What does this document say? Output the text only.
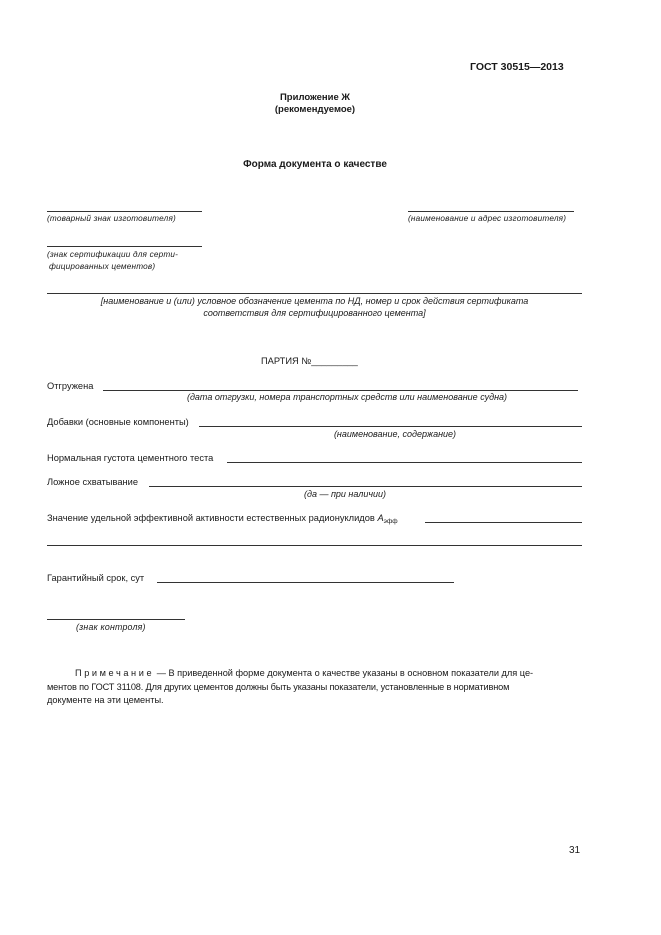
ГОСТ 30515—2013
Приложение Ж
(рекомендуемое)
Форма документа о качестве
(товарный знак изготовителя)	(наименование и адрес изготовителя)
(знак сертификации для серти-
фицированных цементов)
[наименование и (или) условное обозначение цемента по НД, номер и срок действия сертификата
соответствия для сертифицированного цемента]
ПАРТИЯ №_________
Отгружена
(дата отгрузки, номера транспортных средств или наименование судна)
Добавки (основные компоненты)
(наименование, содержание)
Нормальная густота цементного теста
Ложное схватывание
(да — при наличии)
Значение удельной эффективной активности естественных радионуклидов $A_{эфф}$
Гарантийный срок, сут
(знак контроля)
Примечание — В приведенной форме документа о качестве указаны в основном показатели для це-
ментов по ГОСТ 31108. Для других цементов должны быть указаны показатели, установленные в нормативном
документе на эти цементы.
31
